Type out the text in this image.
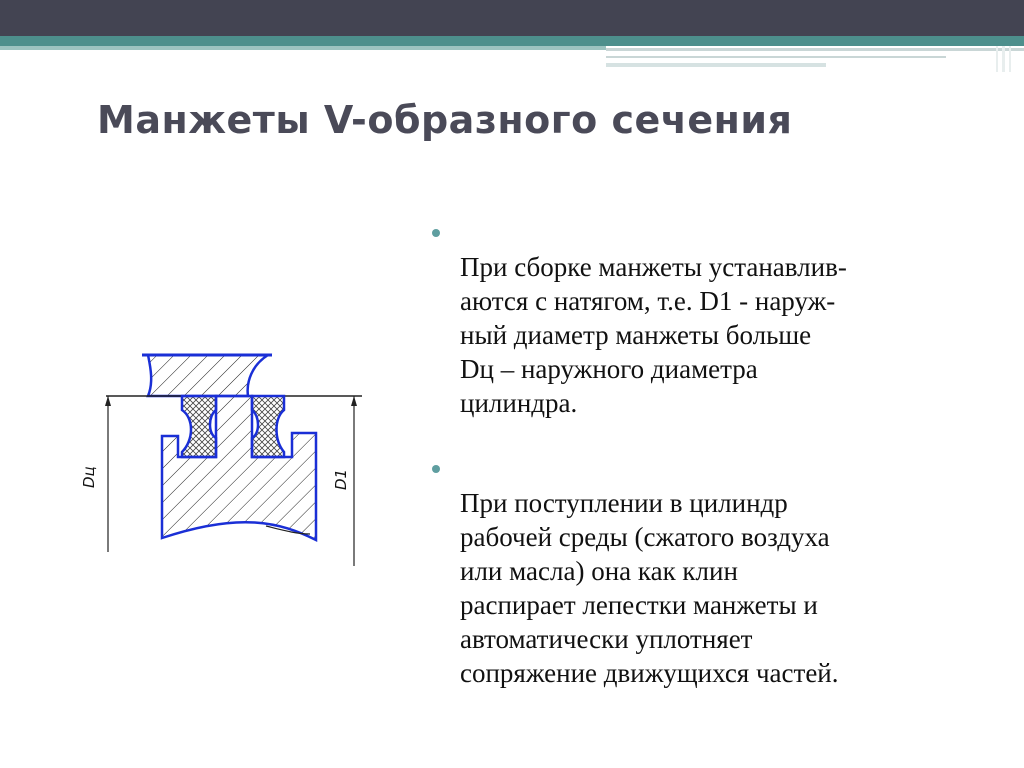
Манжеты V-образного сечения
Dц	D1

При сборке манжеты устанавлив-
аются с натягом, т.е. D1 - наруж-
ный диаметр манжеты больше
Dц – наружного диаметра
цилиндра.

При поступлении в цилиндр
рабочей среды (сжатого воздуха
или масла) она как клин
распирает лепестки манжеты и
автоматически уплотняет
сопряжение движущихся частей.
